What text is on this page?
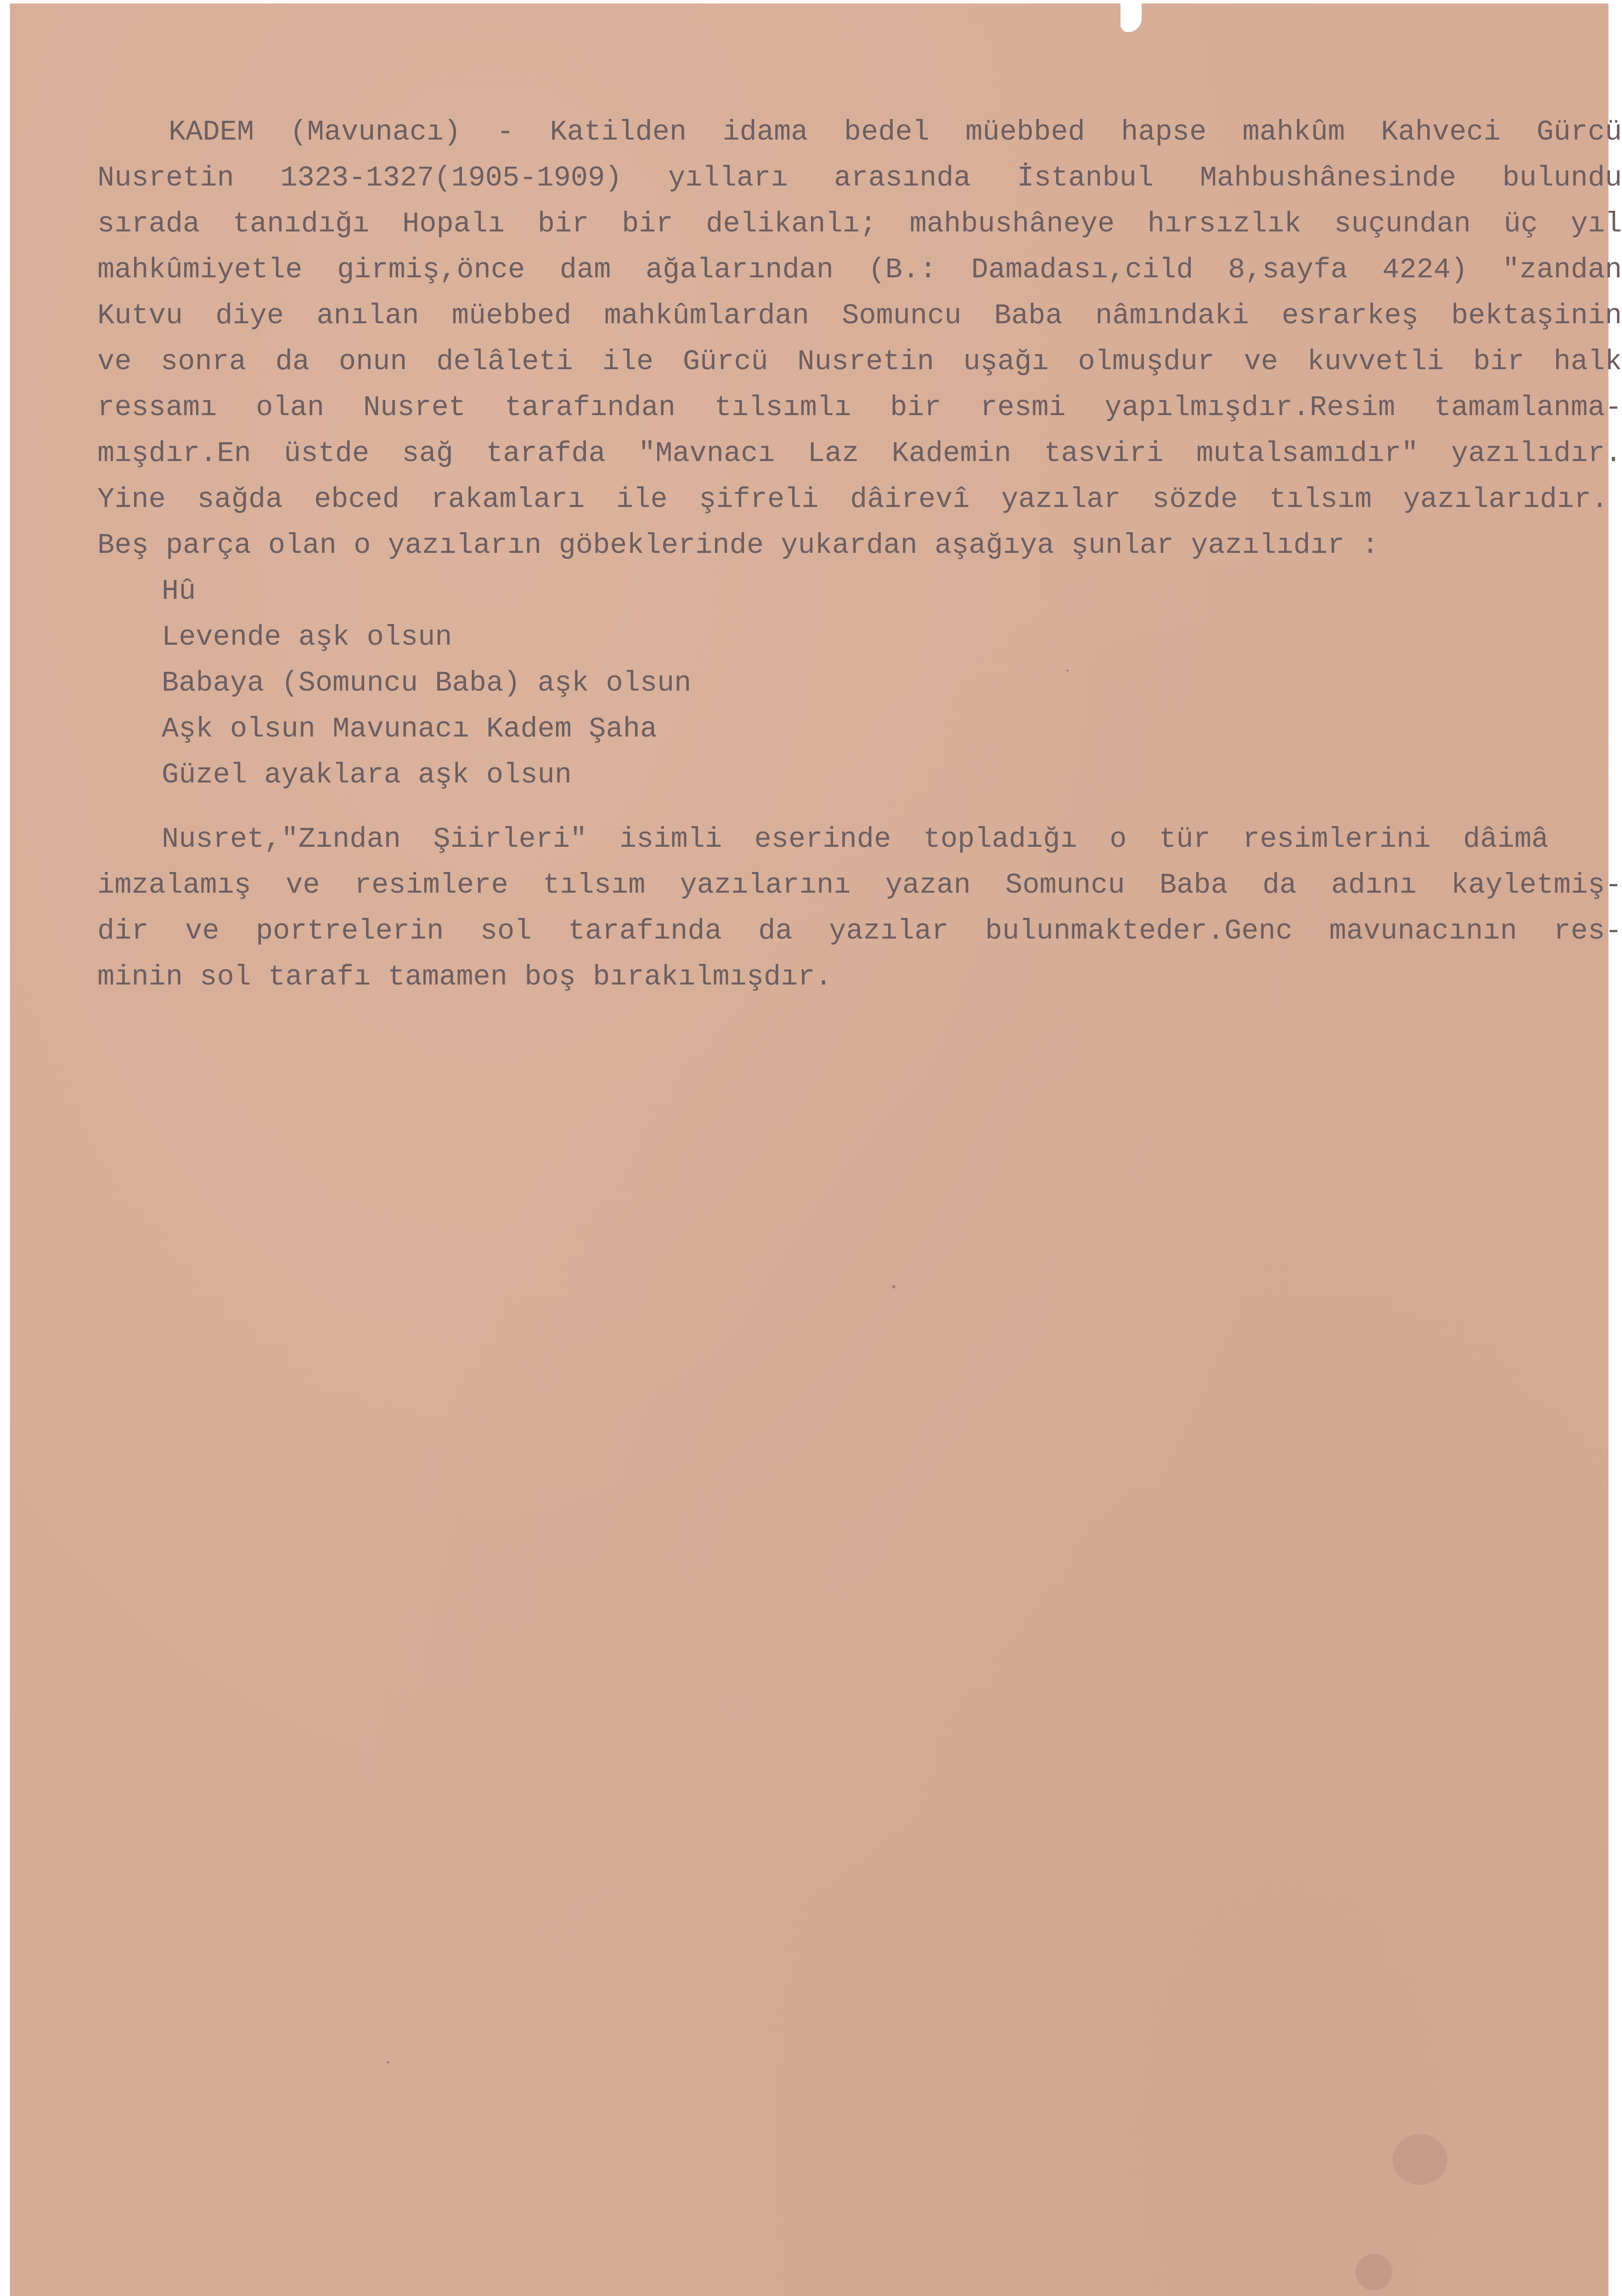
KADEM (Mavunacı) - Katilden idama bedel müebbed hapse mahkûm Kahveci Gürcü
Nusretin 1323-1327(1905-1909) yılları arasında İstanbul Mahbushânesinde bulundu
sırada tanıdığı Hopalı bir bir delikanlı; mahbushâneye hırsızlık suçundan üç yıl
mahkûmiyetle girmiş,önce dam ağalarından (B.: Damadası,cild 8,sayfa 4224) "zandan
Kutvu diye anılan müebbed mahkûmlardan Somuncu Baba nâmındaki esrarkeş bektaşinin
ve sonra da onun delâleti ile Gürcü Nusretin uşağı olmuşdur ve kuvvetli bir halk
ressamı olan Nusret tarafından tılsımlı bir resmi yapılmışdır.Resim tamamlanma-
mışdır.En üstde sağ tarafda "Mavnacı Laz Kademin tasviri mutalsamıdır" yazılıdır.
Yine sağda ebced rakamları ile şifreli dâirevî yazılar sözde tılsım yazılarıdır.
Beş parça olan o yazıların göbeklerinde yukardan aşağıya şunlar yazılıdır :
Hû
Levende aşk olsun
Babaya (Somuncu Baba) aşk olsun
Aşk olsun Mavunacı Kadem Şaha
Güzel ayaklara aşk olsun
Nusret,"Zından Şiirleri" isimli eserinde topladığı o tür resimlerini dâimâ
imzalamış ve resimlere tılsım yazılarını yazan Somuncu Baba da adını kayletmiş-
dir ve portrelerin sol tarafında da yazılar bulunmakteder.Genc mavunacının res-
minin sol tarafı tamamen boş bırakılmışdır.
